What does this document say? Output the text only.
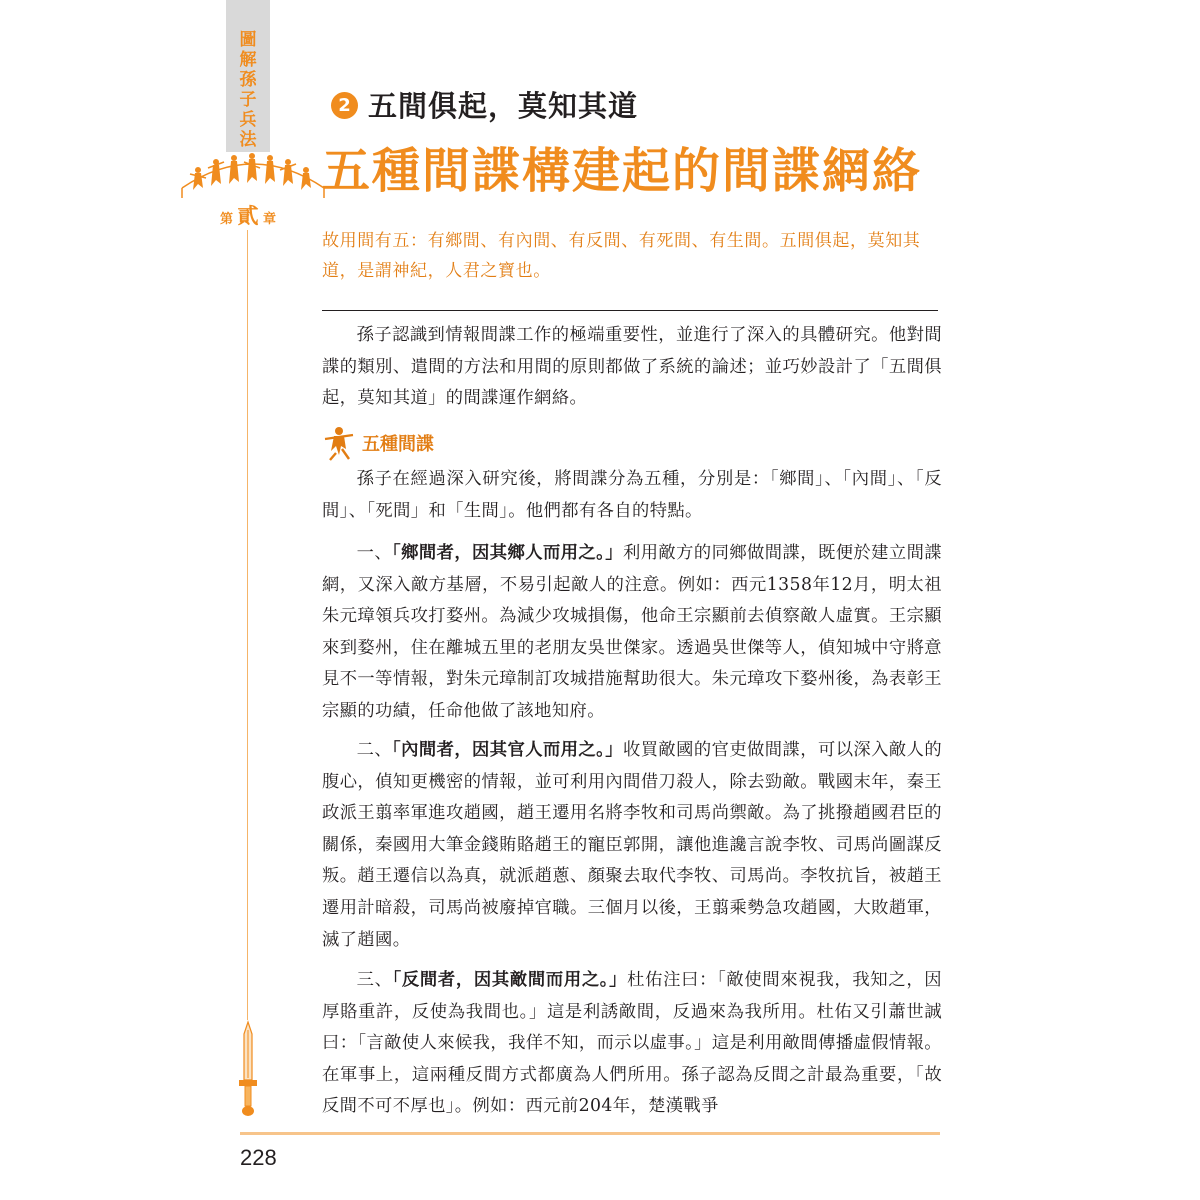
圖
解
孫
子
兵
法
第 貳 章
2 五間俱起，莫知其道
五種間諜構建起的間諜網絡
故用間有五：有鄉間、有內間、有反間、有死間、有生間。五間俱起，莫知其道，是謂神紀，人君之寶也。

孫子認識到情報間諜工作的極端重要性，並進行了深入的具體研究。他對間諜的類別、遣間的方法和用間的原則都做了系統的論述；並巧妙設計了「五間俱起，莫知其道」的間諜運作網絡。

五種間諜

孫子在經過深入研究後，將間諜分為五種，分別是：「鄉間」、「內間」、「反間」、「死間」和「生間」。他們都有各自的特點。

一、「鄉間者，因其鄉人而用之。」利用敵方的同鄉做間諜，既便於建立間諜網，又深入敵方基層，不易引起敵人的注意。例如：西元1358年12月，明太祖朱元璋領兵攻打婺州。為減少攻城損傷，他命王宗顯前去偵察敵人虛實。王宗顯來到婺州，住在離城五里的老朋友吳世傑家。透過吳世傑等人，偵知城中守將意見不一等情報，對朱元璋制訂攻城措施幫助很大。朱元璋攻下婺州後，為表彰王宗顯的功績，任命他做了該地知府。

二、「內間者，因其官人而用之。」收買敵國的官吏做間諜，可以深入敵人的腹心，偵知更機密的情報，並可利用內間借刀殺人，除去勁敵。戰國末年，秦王政派王翦率軍進攻趙國，趙王遷用名將李牧和司馬尚禦敵。為了挑撥趙國君臣的關係，秦國用大筆金錢賄賂趙王的寵臣郭開，讓他進讒言說李牧、司馬尚圖謀反叛。趙王遷信以為真，就派趙蔥、顏聚去取代李牧、司馬尚。李牧抗旨，被趙王遷用計暗殺，司馬尚被廢掉官職。三個月以後，王翦乘勢急攻趙國，大敗趙軍，滅了趙國。

三、「反間者，因其敵間而用之。」杜佑注曰：「敵使間來視我，我知之，因厚賂重許，反使為我間也。」這是利誘敵間，反過來為我所用。杜佑又引蕭世誠曰：「言敵使人來候我，我佯不知，而示以虛事。」這是利用敵間傳播虛假情報。在軍事上，這兩種反間方式都廣為人們所用。孫子認為反間之計最為重要，「故反間不可不厚也」。例如：西元前204年，楚漢戰爭

228
